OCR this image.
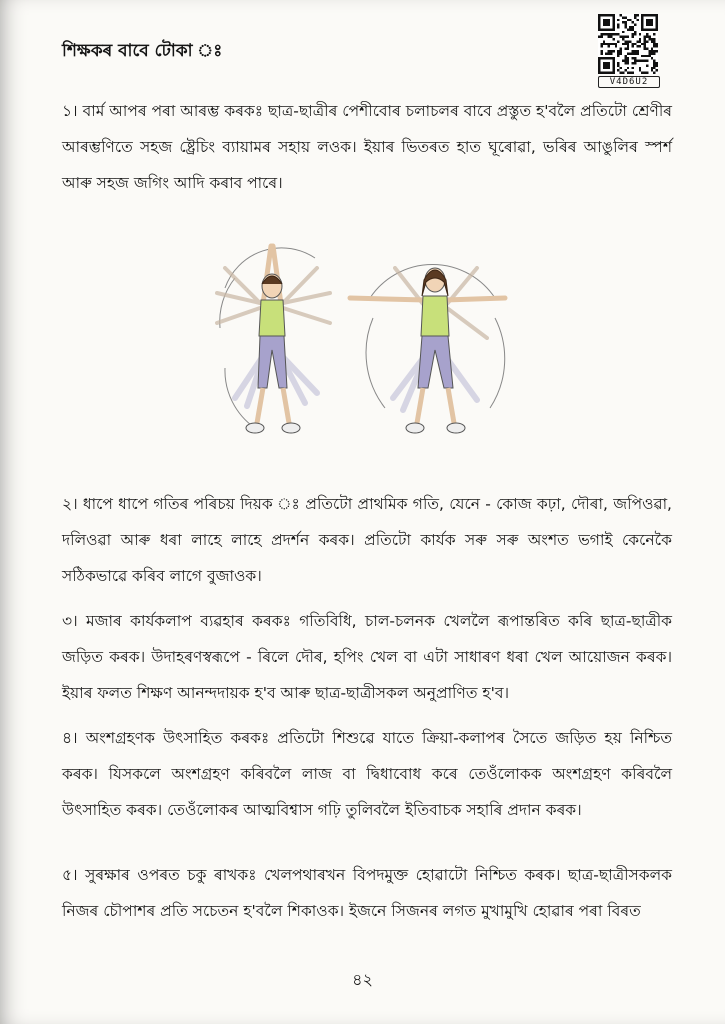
V4D6U2
শিক্ষকৰ বাবে টোকা ঃ

১। বাৰ্ম আপৰ পৰা আৰম্ভ কৰকঃ ছাত্ৰ-ছাত্ৰীৰ পেশীবোৰ চলাচলৰ বাবে প্ৰস্তুত হ'বলৈ প্ৰতিটো শ্ৰেণীৰ আৰম্ভণিতে সহজ ষ্ট্ৰেচিং ব্যায়ামৰ সহায় লওক। ইয়াৰ ভিতৰত হাত ঘূৰোৱা, ভৰিৰ আঙুলিৰ স্পৰ্শ আৰু সহজ জগিং আদি কৰাব পাৰে।

২। ধাপে ধাপে গতিৰ পৰিচয় দিয়ক ঃ প্ৰতিটো প্ৰাথমিক গতি, যেনে - কোজ কঢ়া, দৌৰা, জপিওৱা, দলিওৱা আৰু ধৰা লাহে লাহে প্ৰদৰ্শন কৰক। প্ৰতিটো কাৰ্যক সৰু সৰু অংশত ভগাই কেনেকৈ সঠিকভাৱে কৰিব লাগে বুজাওক।

৩। মজাৰ কাৰ্যকলাপ ব্যৱহাৰ কৰকঃ গতিবিধি, চাল-চলনক খেললৈ ৰূপান্তৰিত কৰি ছাত্ৰ-ছাত্ৰীক জড়িত কৰক। উদাহৰণস্বৰূপে - ৰিলে দৌৰ, হপিং খেল বা এটা সাধাৰণ ধৰা খেল আয়োজন কৰক। ইয়াৰ ফলত শিক্ষণ আনন্দদায়ক হ'ব আৰু ছাত্ৰ-ছাত্ৰীসকল অনুপ্ৰাণিত হ'ব।

৪। অংশগ্ৰহণক উৎসাহিত কৰকঃ প্ৰতিটো শিশুৱে যাতে ক্ৰিয়া-কলাপৰ সৈতে জড়িত হয় নিশ্চিত কৰক। যিসকলে অংশগ্ৰহণ কৰিবলৈ লাজ বা দ্বিধাবোধ কৰে তেওঁলোকক অংশগ্ৰহণ কৰিবলৈ উৎসাহিত কৰক। তেওঁলোকৰ আত্মবিশ্বাস গঢ়ি তুলিবলৈ ইতিবাচক সহাৰি প্ৰদান কৰক।

৫। সুৰক্ষাৰ ওপৰত চকু ৰাখকঃ খেলপথাৰখন বিপদমুক্ত হোৱাটো নিশ্চিত কৰক। ছাত্ৰ-ছাত্ৰীসকলক নিজৰ চৌপাশৰ প্ৰতি সচেতন হ'বলৈ শিকাওক। ইজনে সিজনৰ লগত মুখামুখি হোৱাৰ পৰা বিৰত

৪২
